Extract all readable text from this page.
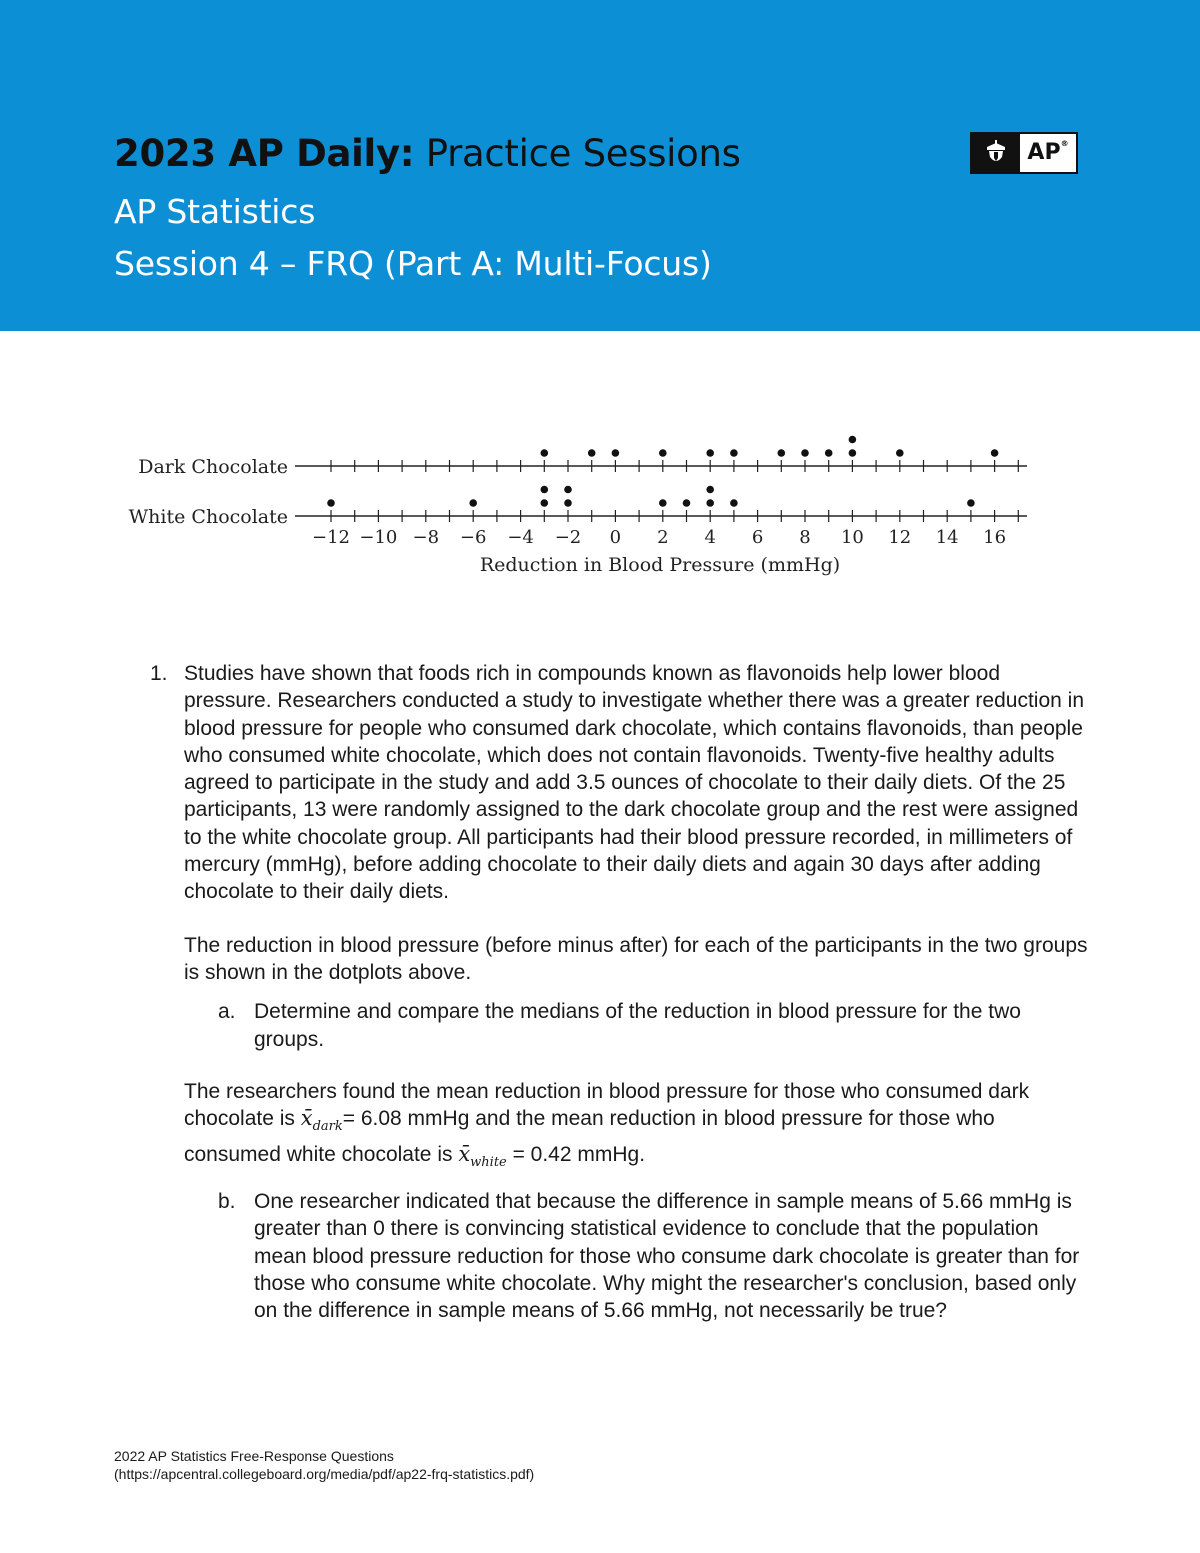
2023 AP Daily: Practice Sessions
AP Statistics
Session 4 – FRQ (Part A: Multi-Focus)
AP®
Dark Chocolate
White Chocolate
−12 −10 −8 −6 −4 −2 0 2 4 6 8 10 12 14 16
Reduction in Blood Pressure (mmHg)

1. Studies have shown that foods rich in compounds known as flavonoids help lower blood pressure. Researchers conducted a study to investigate whether there was a greater reduction in blood pressure for people who consumed dark chocolate, which contains flavonoids, than people who consumed white chocolate, which does not contain flavonoids. Twenty-five healthy adults agreed to participate in the study and add 3.5 ounces of chocolate to their daily diets. Of the 25 participants, 13 were randomly assigned to the dark chocolate group and the rest were assigned to the white chocolate group. All participants had their blood pressure recorded, in millimeters of mercury (mmHg), before adding chocolate to their daily diets and again 30 days after adding chocolate to their daily diets.

The reduction in blood pressure (before minus after) for each of the participants in the two groups is shown in the dotplots above.

a. Determine and compare the medians of the reduction in blood pressure for the two groups.

The researchers found the mean reduction in blood pressure for those who consumed dark chocolate is $x̄_{dark}= 6.08$ mmHg and the mean reduction in blood pressure for those who consumed white chocolate is $x̄_{white} = 0.42$ mmHg.

b. One researcher indicated that because the difference in sample means of 5.66 mmHg is greater than 0 there is convincing statistical evidence to conclude that the population mean blood pressure reduction for those who consume dark chocolate is greater than for those who consume white chocolate. Why might the researcher's conclusion, based only on the difference in sample means of 5.66 mmHg, not necessarily be true?

2022 AP Statistics Free-Response Questions
(https://apcentral.collegeboard.org/media/pdf/ap22-frq-statistics.pdf)
